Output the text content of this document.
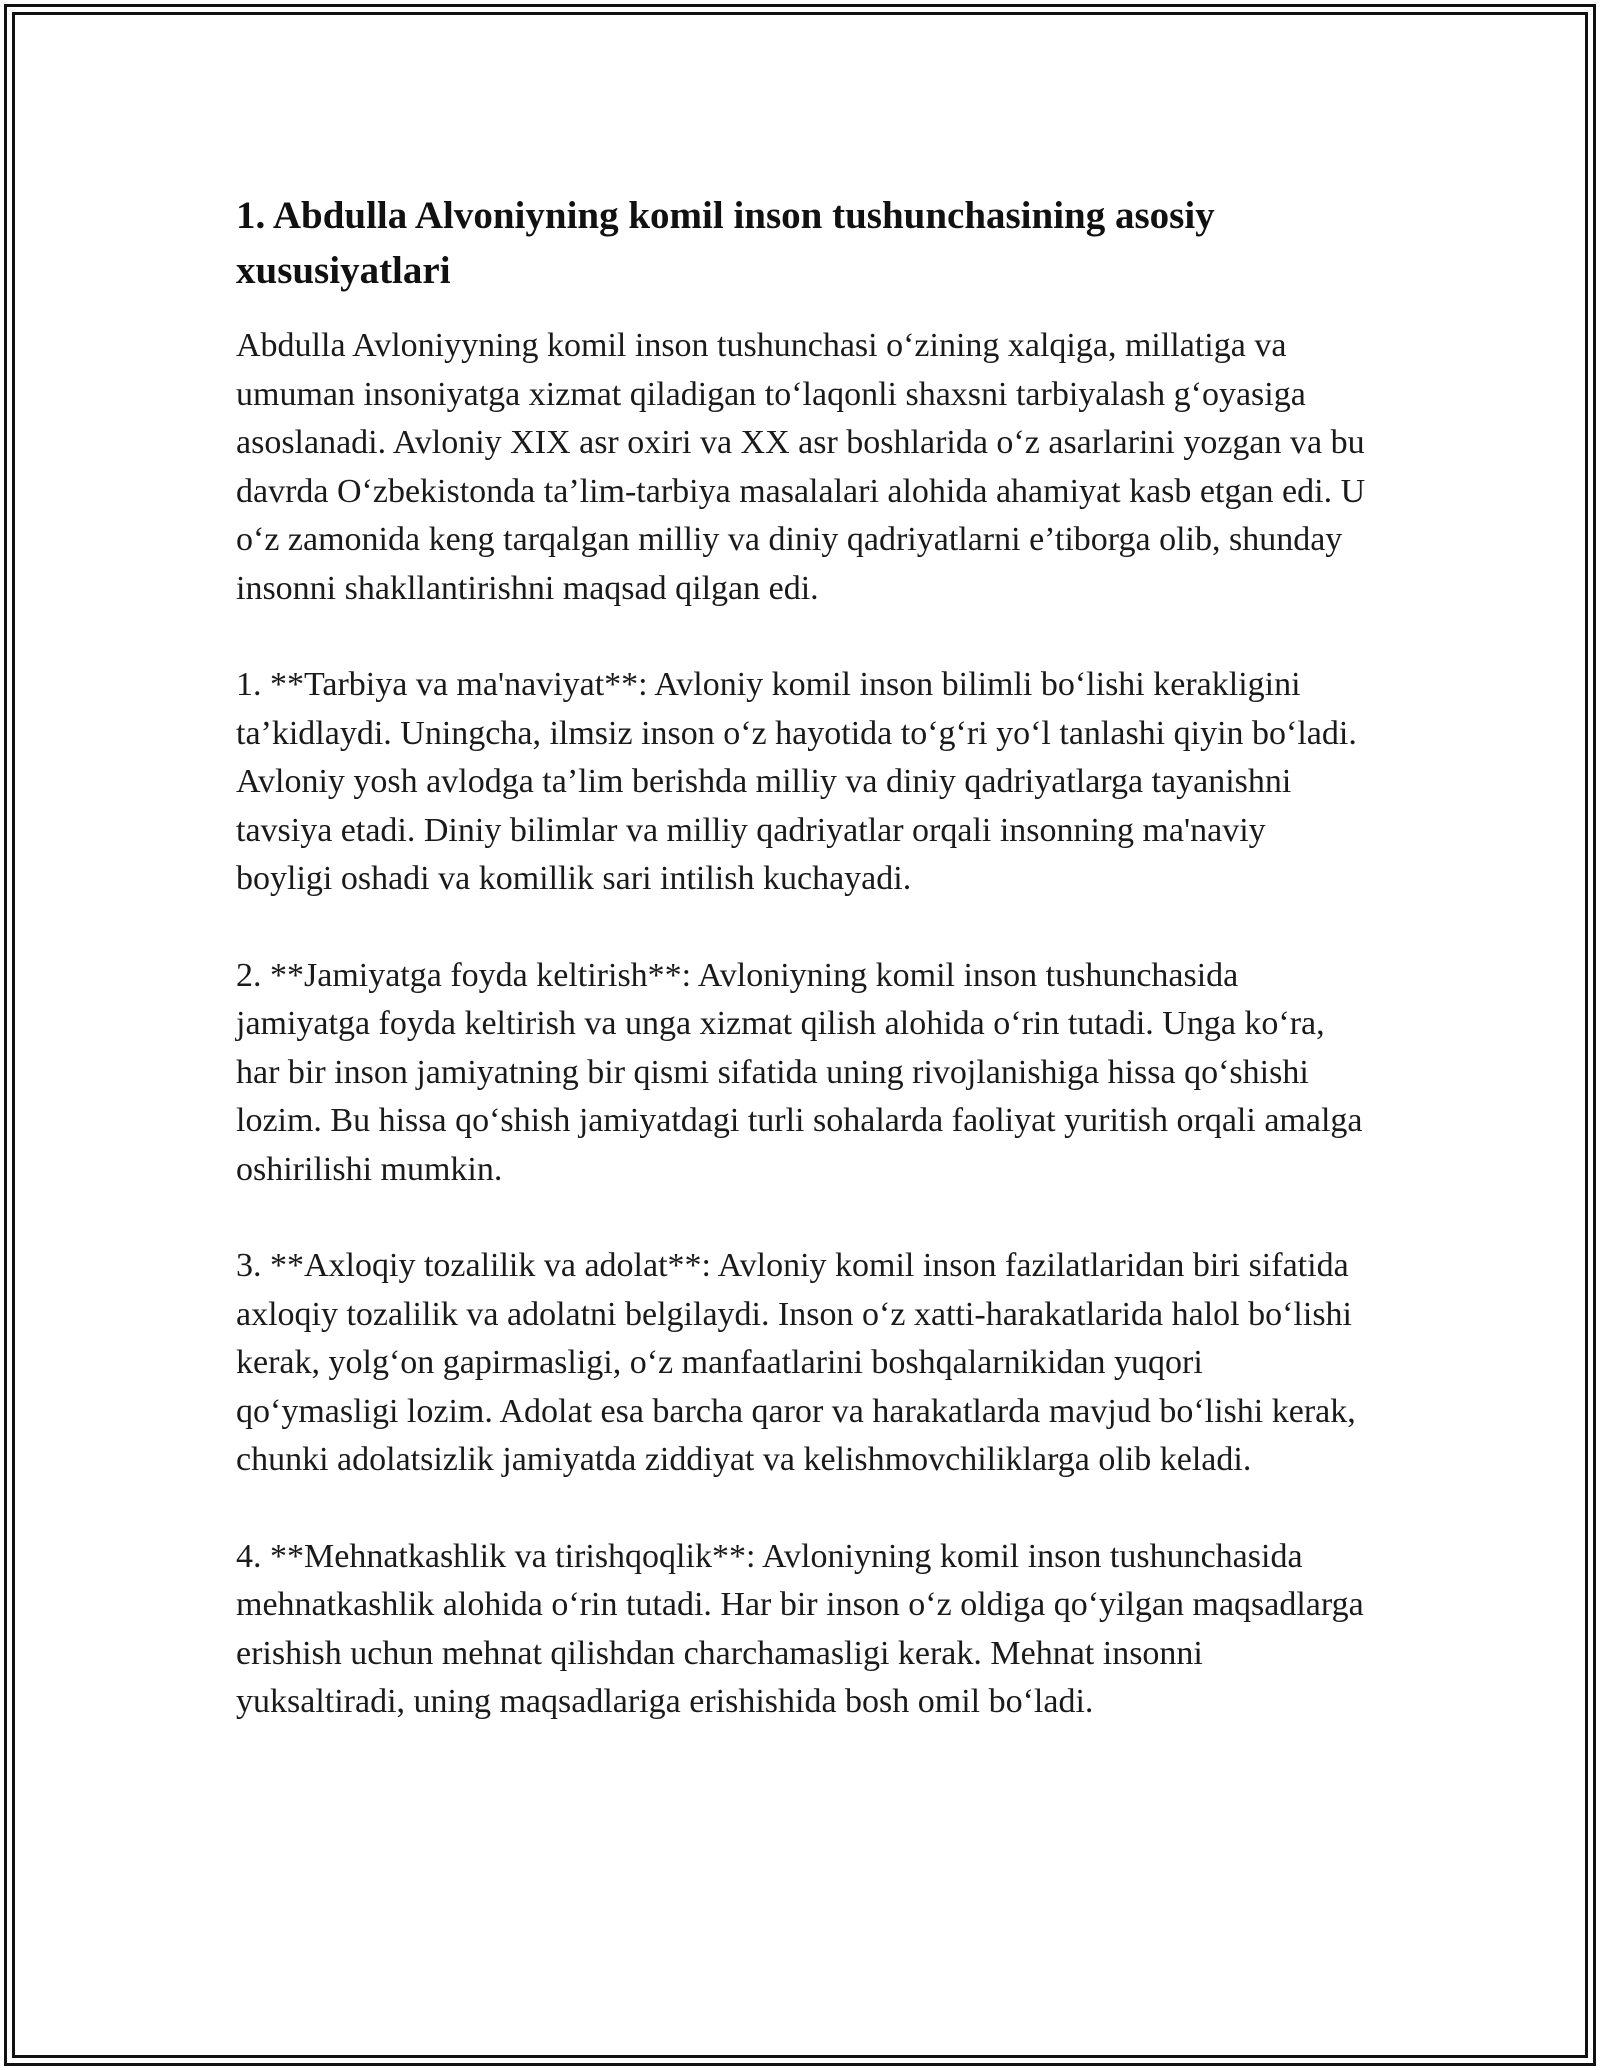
1. Abdulla Alvoniyning komil inson tushunchasining asosiy xususiyatlari

Abdulla Avloniyyning komil inson tushunchasi o‘zining xalqiga, millatiga va umuman insoniyatga xizmat qiladigan to‘laqonli shaxsni tarbiyalash g‘oyasiga asoslanadi. Avloniy XIX asr oxiri va XX asr boshlarida o‘z asarlarini yozgan va bu davrda O‘zbekistonda ta’lim-tarbiya masalalari alohida ahamiyat kasb etgan edi. U o‘z zamonida keng tarqalgan milliy va diniy qadriyatlarni e’tiborga olib, shunday insonni shakllantirishni maqsad qilgan edi.

1. **Tarbiya va ma'naviyat**: Avloniy komil inson bilimli bo‘lishi kerakligini ta’kidlaydi. Uningcha, ilmsiz inson o‘z hayotida to‘g‘ri yo‘l tanlashi qiyin bo‘ladi. Avloniy yosh avlodga ta’lim berishda milliy va diniy qadriyatlarga tayanishni tavsiya etadi. Diniy bilimlar va milliy qadriyatlar orqali insonning ma'naviy boyligi oshadi va komillik sari intilish kuchayadi.

2. **Jamiyatga foyda keltirish**: Avloniyning komil inson tushunchasida jamiyatga foyda keltirish va unga xizmat qilish alohida o‘rin tutadi. Unga ko‘ra, har bir inson jamiyatning bir qismi sifatida uning rivojlanishiga hissa qo‘shishi lozim. Bu hissa qo‘shish jamiyatdagi turli sohalarda faoliyat yuritish orqali amalga oshirilishi mumkin.

3. **Axloqiy tozalilik va adolat**: Avloniy komil inson fazilatlaridan biri sifatida axloqiy tozalilik va adolatni belgilaydi. Inson o‘z xatti-harakatlarida halol bo‘lishi kerak, yolg‘on gapirmasligi, o‘z manfaatlarini boshqalarnikidan yuqori qo‘ymasligi lozim. Adolat esa barcha qaror va harakatlarda mavjud bo‘lishi kerak, chunki adolatsizlik jamiyatda ziddiyat va kelishmovchiliklarga olib keladi.

4. **Mehnatkashlik va tirishqoqlik**: Avloniyning komil inson tushunchasida mehnatkashlik alohida o‘rin tutadi. Har bir inson o‘z oldiga qo‘yilgan maqsadlarga erishish uchun mehnat qilishdan charchamasligi kerak. Mehnat insonni yuksaltiradi, uning maqsadlariga erishishida bosh omil bo‘ladi.
